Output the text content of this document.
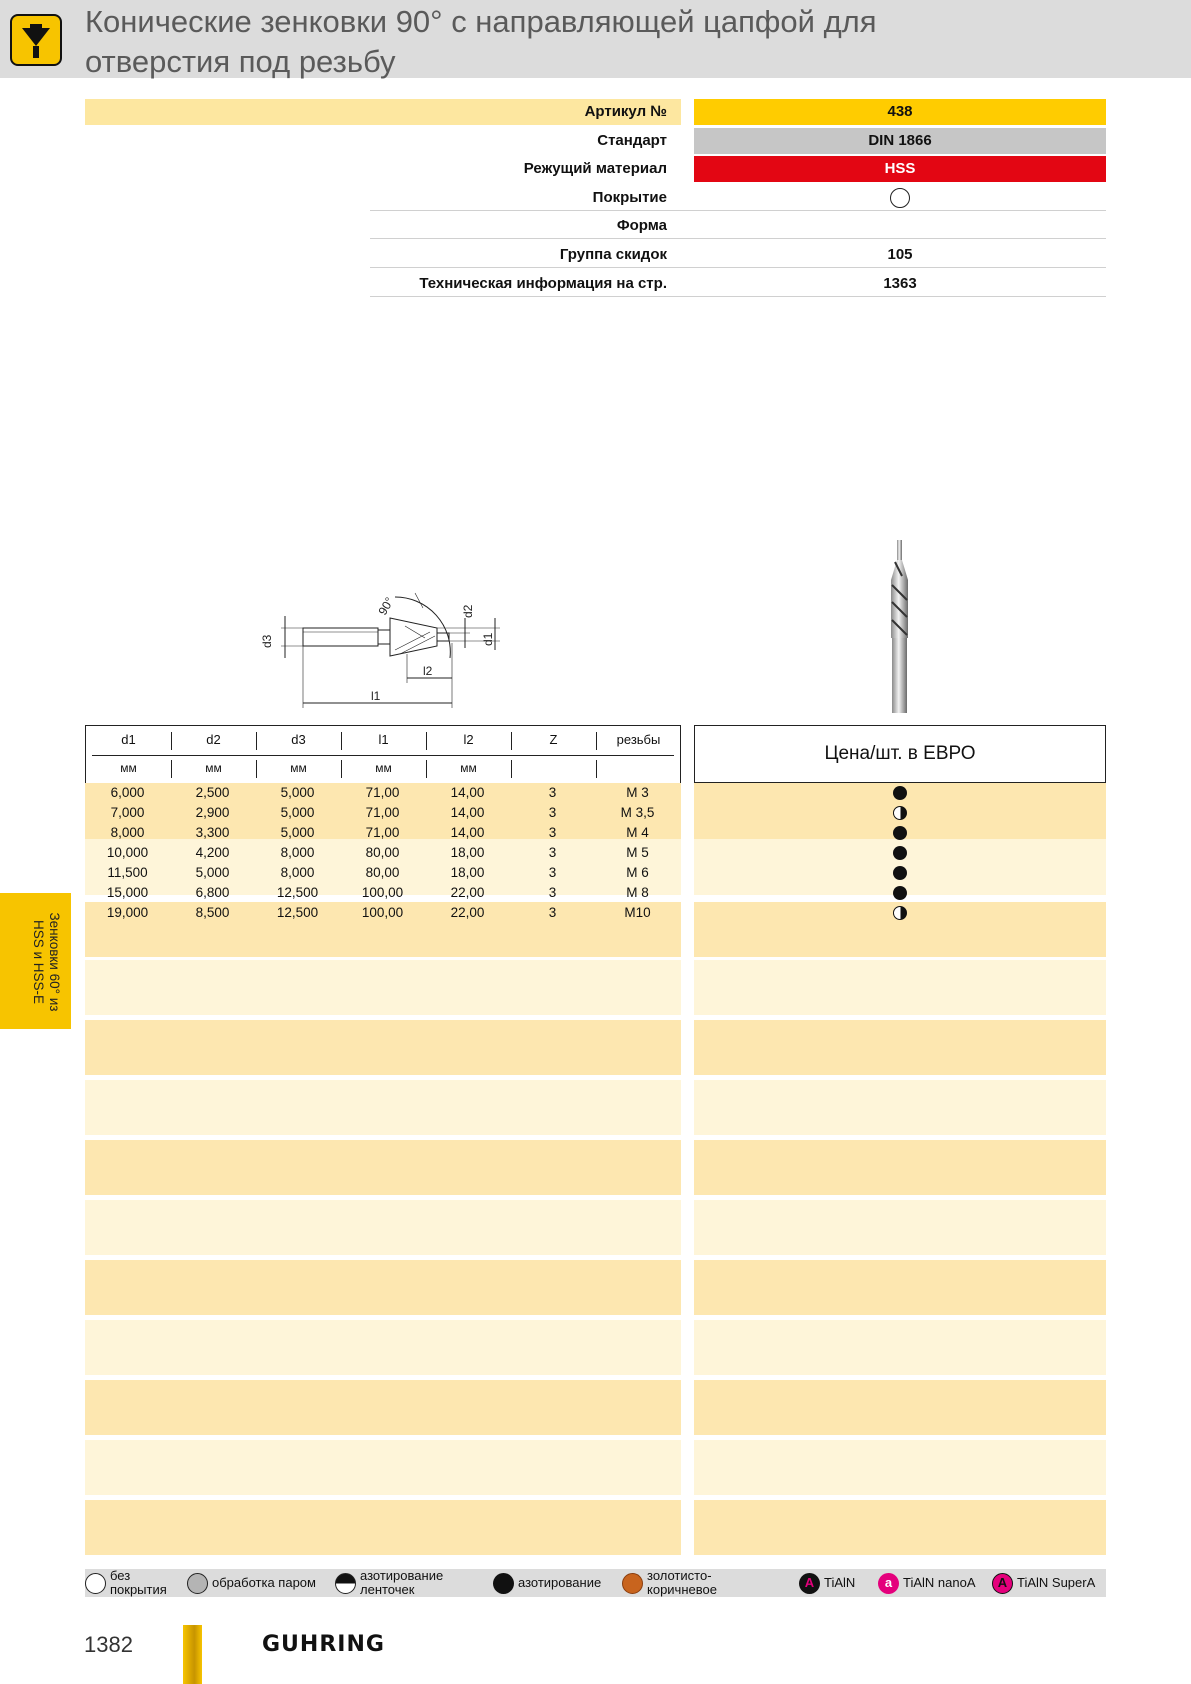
Конические зенковки 90° с направляющей цапфой для
отверстия под резьбу
Артикул №	438
Стандарт	DIN 1866
Режущий материал	HSS
Покрытие
Форма
Группа скидок	105
Техническая информация на стр.	1363
90°
d3
d2
d1
l1
l2
d1	d2	d3	l1	l2	Z	резьбы
мм	мм	мм	мм	мм
Цена/шт. в ЕВРО
6,000	2,500	5,000	71,00	14,00	3	M 3
7,000	2,900	5,000	71,00	14,00	3	M 3,5
8,000	3,300	5,000	71,00	14,00	3	M 4
10,000	4,200	8,000	80,00	18,00	3	M 5
11,500	5,000	8,000	80,00	18,00	3	M 6
15,000	6,800	12,500	100,00	22,00	3	M 8
19,000	8,500	12,500	100,00	22,00	3	M10
Зенковки 60° из
HSS и HSS-E
без
покрытия	обработка паром	азотирование
ленточек	азотирование	золотисто-
коричневое	A TiAlN	a TiAlN nanoA	A TiAlN SuperA
1382	GUHRING
